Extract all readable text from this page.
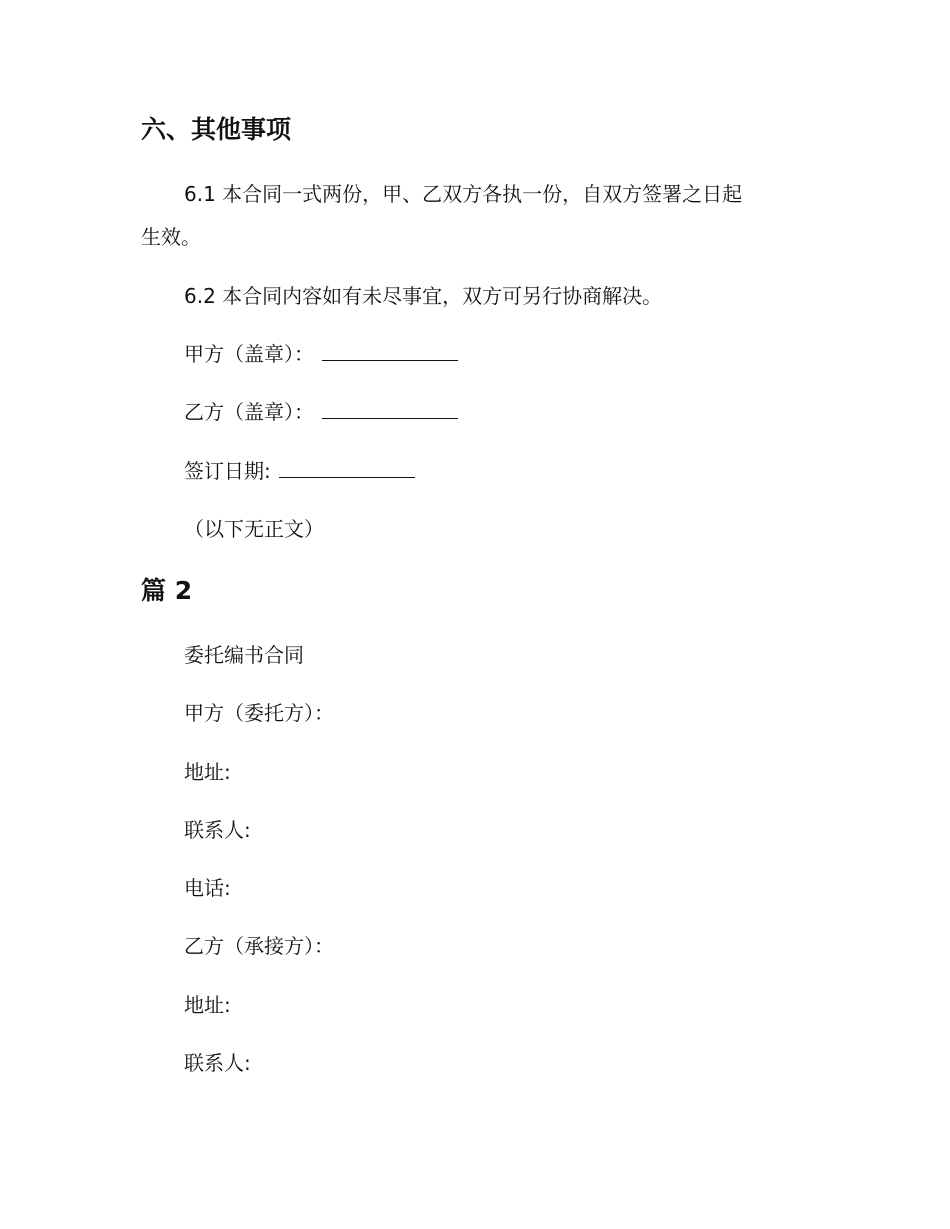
六、其他事项
6.1 本合同一式两份，甲、乙双方各执一份，自双方签署之日起
生效。
6.2 本合同内容如有未尽事宜，双方可另行协商解决。
甲方（盖章）：
乙方（盖章）：
签订日期:
（以下无正文）
篇 2
委托编书合同
甲方（委托方）：
地址:
联系人:
电话:
乙方（承接方）：
地址:
联系人:
